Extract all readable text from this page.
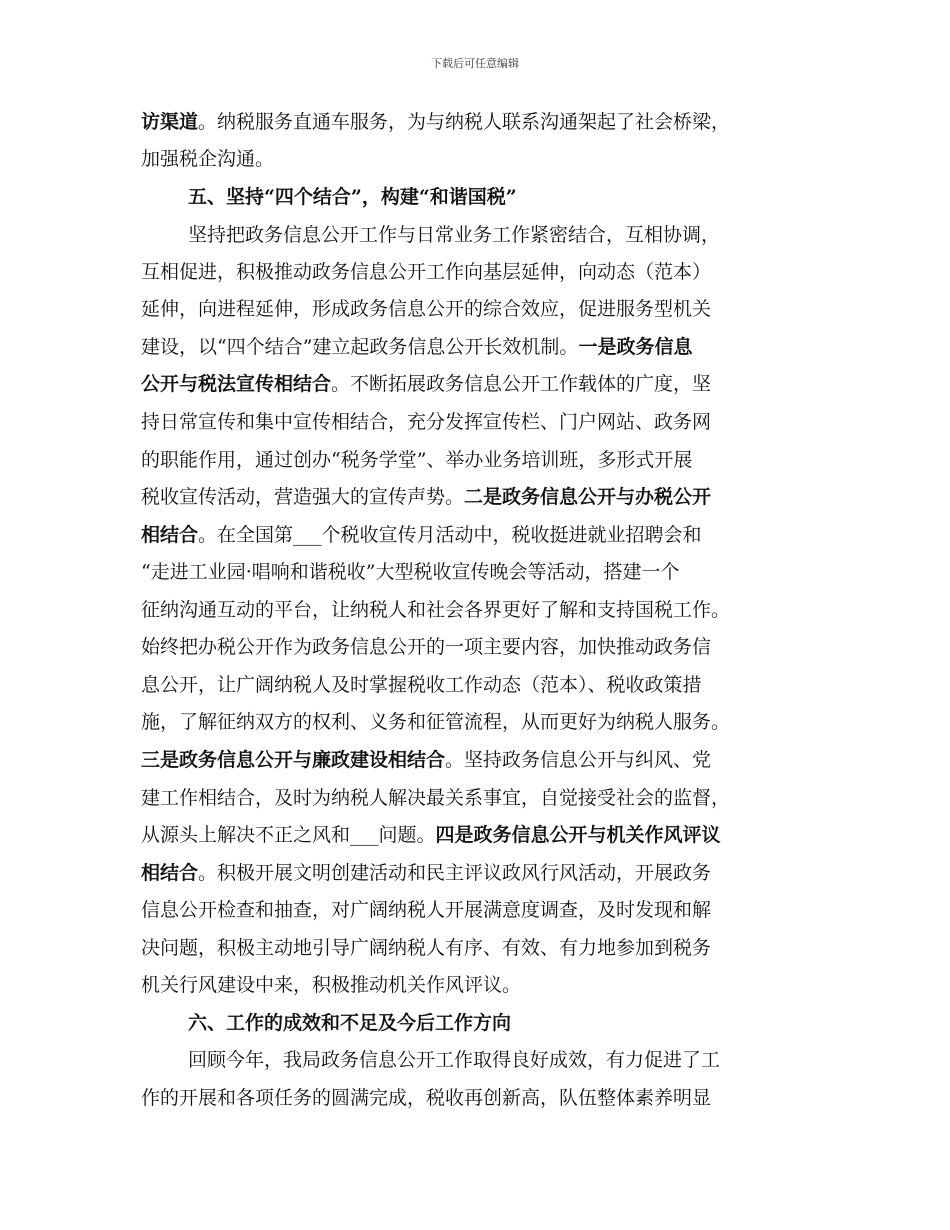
下载后可任意编辑
访渠道。纳税服务直通车服务，为与纳税人联系沟通架起了社会桥梁，
加强税企沟通。
五、坚持“四个结合”，构建“和谐国税”
坚持把政务信息公开工作与日常业务工作紧密结合，互相协调，
互相促进，积极推动政务信息公开工作向基层延伸，向动态（范本）
延伸，向进程延伸，形成政务信息公开的综合效应，促进服务型机关
建设，以“四个结合”建立起政务信息公开长效机制。一是政务信息
公开与税法宣传相结合。不断拓展政务信息公开工作载体的广度，坚
持日常宣传和集中宣传相结合，充分发挥宣传栏、门户网站、政务网
的职能作用，通过创办“税务学堂”、举办业务培训班，多形式开展
税收宣传活动，营造强大的宣传声势。二是政务信息公开与办税公开
相结合。在全国第___个税收宣传月活动中，税收挺进就业招聘会和
“走进工业园·唱响和谐税收”大型税收宣传晚会等活动，搭建一个
征纳沟通互动的平台，让纳税人和社会各界更好了解和支持国税工作。
始终把办税公开作为政务信息公开的一项主要内容，加快推动政务信
息公开，让广阔纳税人及时掌握税收工作动态（范本）、税收政策措
施，了解征纳双方的权利、义务和征管流程，从而更好为纳税人服务。
三是政务信息公开与廉政建设相结合。坚持政务信息公开与纠风、党
建工作相结合，及时为纳税人解决最关系事宜，自觉接受社会的监督，
从源头上解决不正之风和___问题。四是政务信息公开与机关作风评议
相结合。积极开展文明创建活动和民主评议政风行风活动，开展政务
信息公开检查和抽查，对广阔纳税人开展满意度调查，及时发现和解
决问题，积极主动地引导广阔纳税人有序、有效、有力地参加到税务
机关行风建设中来，积极推动机关作风评议。
六、工作的成效和不足及今后工作方向
回顾今年，我局政务信息公开工作取得良好成效，有力促进了工
作的开展和各项任务的圆满完成，税收再创新高，队伍整体素养明显
